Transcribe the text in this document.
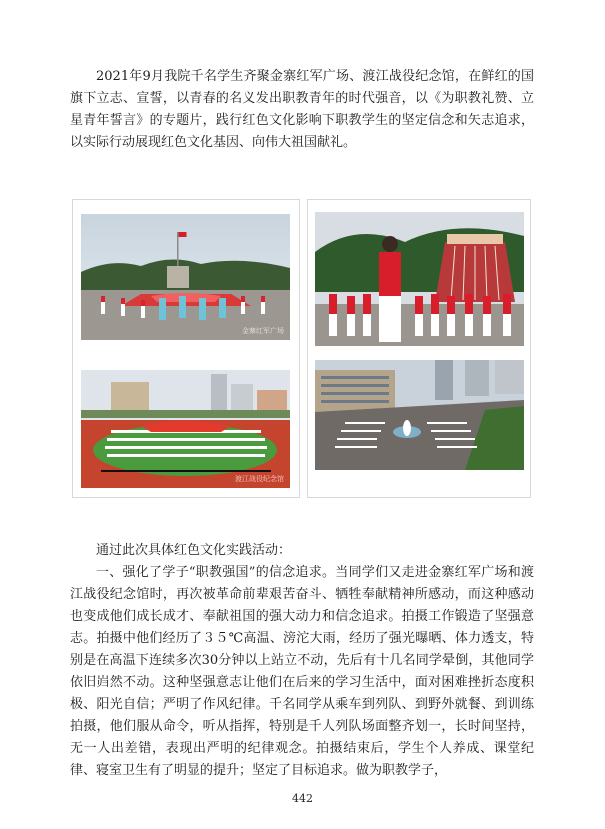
2021年9月我院千名学生齐聚金寨红军广场、渡江战役纪念馆，在鲜红的国旗下立志、宣誓，以青春的名义发出职教青年的时代强音，以《为职教礼赞、立星青年誓言》的专题片，践行红色文化影响下职教学生的坚定信念和矢志追求，以实际行动展现红色文化基因、向伟大祖国献礼。

金寨红军广场
渡江战役纪念馆

通过此次具体红色文化实践活动：

一、强化了学子“职教强国”的信念追求。当同学们又走进金寨红军广场和渡江战役纪念馆时，再次被革命前辈艰苦奋斗、牺牲奉献精神所感动，而这种感动也变成他们成长成才、奉献祖国的强大动力和信念追求。拍摄工作锻造了坚强意志。拍摄中他们经历了３５℃高温、滂沱大雨，经历了强光曝晒、体力透支，特别是在高温下连续多次30分钟以上站立不动，先后有十几名同学晕倒，其他同学依旧岿然不动。这种坚强意志让他们在后来的学习生活中，面对困难挫折态度积极、阳光自信；严明了作风纪律。千名同学从乘车到列队、到野外就餐、到训练拍摄，他们服从命令，听从指挥，特别是千人列队场面整齐划一，长时间坚持，无一人出差错，表现出严明的纪律观念。拍摄结束后，学生个人养成、课堂纪律、寝室卫生有了明显的提升；坚定了目标追求。做为职教学子，

442
